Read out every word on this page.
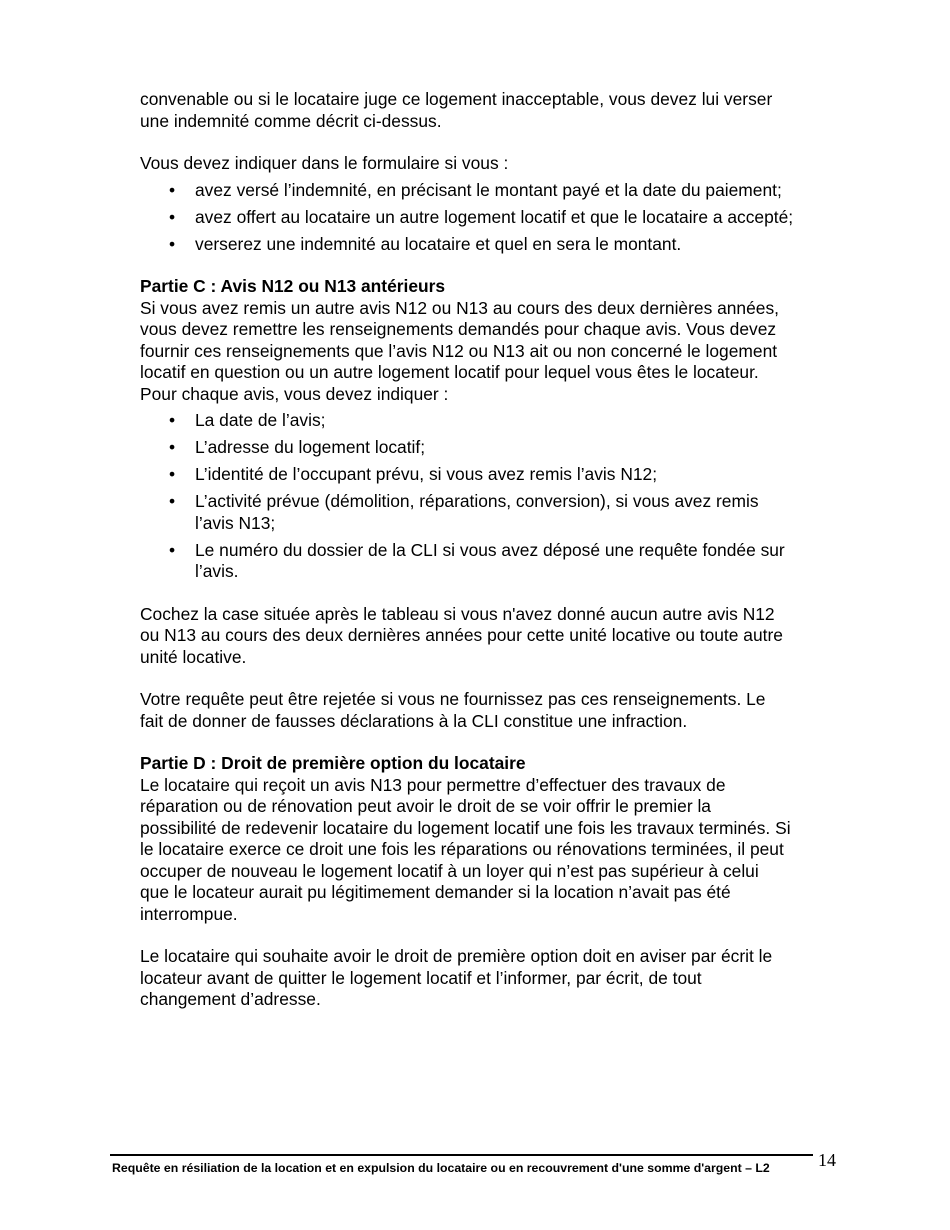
convenable ou si le locataire juge ce logement inacceptable, vous devez lui verser
une indemnité comme décrit ci-dessus.

Vous devez indiquer dans le formulaire si vous :

• avez versé l’indemnité, en précisant le montant payé et la date du paiement;
• avez offert au locataire un autre logement locatif et que le locataire a accepté;
• verserez une indemnité au locataire et quel en sera le montant.

Partie C : Avis N12 ou N13 antérieurs

Si vous avez remis un autre avis N12 ou N13 au cours des deux dernières années,
vous devez remettre les renseignements demandés pour chaque avis. Vous devez
fournir ces renseignements que l’avis N12 ou N13 ait ou non concerné le logement
locatif en question ou un autre logement locatif pour lequel vous êtes le locateur.
Pour chaque avis, vous devez indiquer :

• La date de l’avis;
• L’adresse du logement locatif;
• L’identité de l’occupant prévu, si vous avez remis l’avis N12;
• L’activité prévue (démolition, réparations, conversion), si vous avez remis
l’avis N13;
• Le numéro du dossier de la CLI si vous avez déposé une requête fondée sur
l’avis.

Cochez la case située après le tableau si vous n'avez donné aucun autre avis N12
ou N13 au cours des deux dernières années pour cette unité locative ou toute autre
unité locative.

Votre requête peut être rejetée si vous ne fournissez pas ces renseignements. Le
fait de donner de fausses déclarations à la CLI constitue une infraction.

Partie D : Droit de première option du locataire

Le locataire qui reçoit un avis N13 pour permettre d’effectuer des travaux de
réparation ou de rénovation peut avoir le droit de se voir offrir le premier la
possibilité de redevenir locataire du logement locatif une fois les travaux terminés. Si
le locataire exerce ce droit une fois les réparations ou rénovations terminées, il peut
occuper de nouveau le logement locatif à un loyer qui n’est pas supérieur à celui
que le locateur aurait pu légitimement demander si la location n’avait pas été
interrompue.

Le locataire qui souhaite avoir le droit de première option doit en aviser par écrit le
locateur avant de quitter le logement locatif et l’informer, par écrit, de tout
changement d’adresse.

Requête en résiliation de la location et en expulsion du locataire ou en recouvrement d'une somme d'argent – L2	14
